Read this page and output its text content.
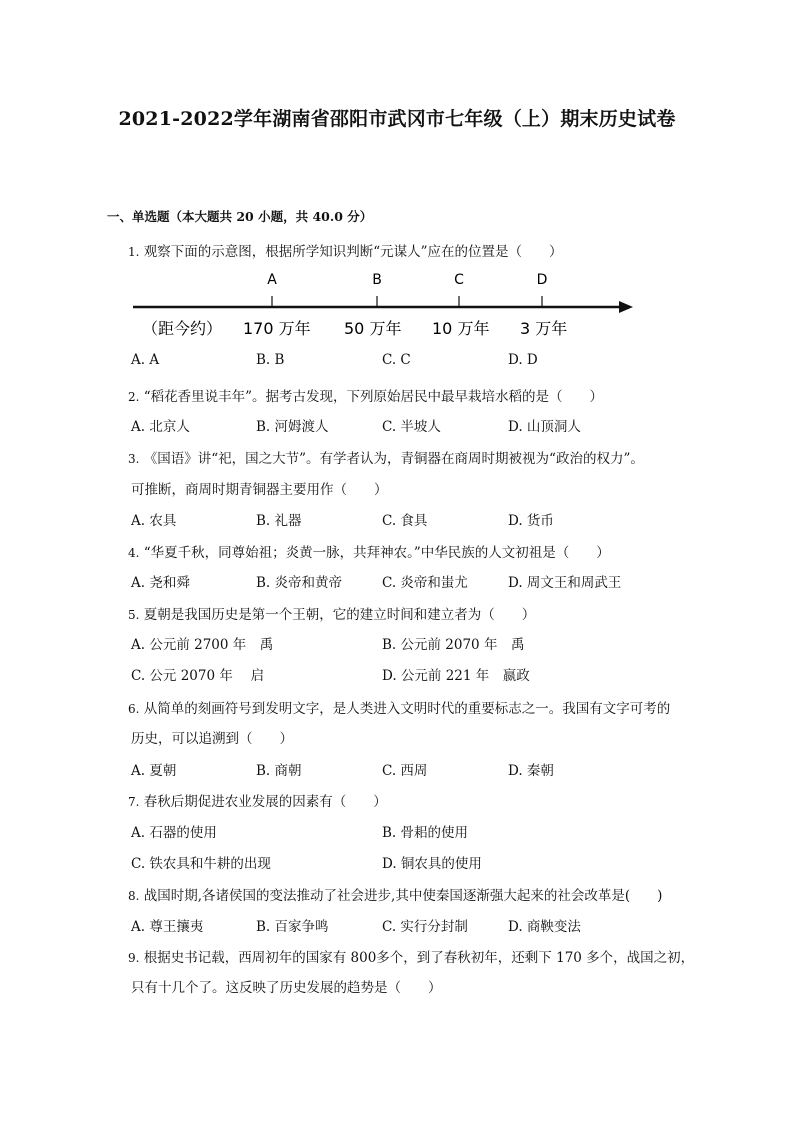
2021-2022学年湖南省邵阳市武冈市七年级（上）期末历史试卷
一、单选题（本大题共 20 小题，共 40.0 分）
1. 观察下面的示意图，根据所学知识判断“元谋人”应在的位置是（　　）
A	B	C	D
（距今约） 170 万年 50 万年 10 万年 3 万年
A. A	B. B	C. C	D. D
2. “稻花香里说丰年”。据考古发现，下列原始居民中最早栽培水稻的是（　　）
A. 北京人	B. 河姆渡人	C. 半坡人	D. 山顶洞人
3. 《国语》讲“祀，国之大节”。有学者认为，青铜器在商周时期被视为“政治的权力”。
可推断，商周时期青铜器主要用作（　　）
A. 农具	B. 礼器	C. 食具	D. 货币
4. “华夏千秋，同尊始祖；炎黄一脉，共拜神农。”中华民族的人文初祖是（　　）
A. 尧和舜	B. 炎帝和黄帝	C. 炎帝和蚩尤	D. 周文王和周武王
5. 夏朝是我国历史是第一个王朝，它的建立时间和建立者为（　　）
A. 公元前 2700 年　禹	B. 公元前 2070 年　禹
C. 公元 2070 年　 启	D. 公元前 221 年　嬴政
6. 从简单的刻画符号到发明文字，是人类进入文明时代的重要标志之一。我国有文字可考的
历史，可以追溯到（　　）
A. 夏朝	B. 商朝	C. 西周	D. 秦朝
7. 春秋后期促进农业发展的因素有（　　）
A. 石器的使用	B. 骨耜的使用
C. 铁农具和牛耕的出现	D. 铜农具的使用
8. 战国时期,各诸侯国的变法推动了社会进步,其中使秦国逐渐强大起来的社会改革是(　　)
A. 尊王攘夷	B. 百家争鸣	C. 实行分封制	D. 商鞅变法
9. 根据史书记载，西周初年的国家有 800多个，到了春秋初年，还剩下 170 多个，战国之初，
只有十几个了。这反映了历史发展的趋势是（　　）
